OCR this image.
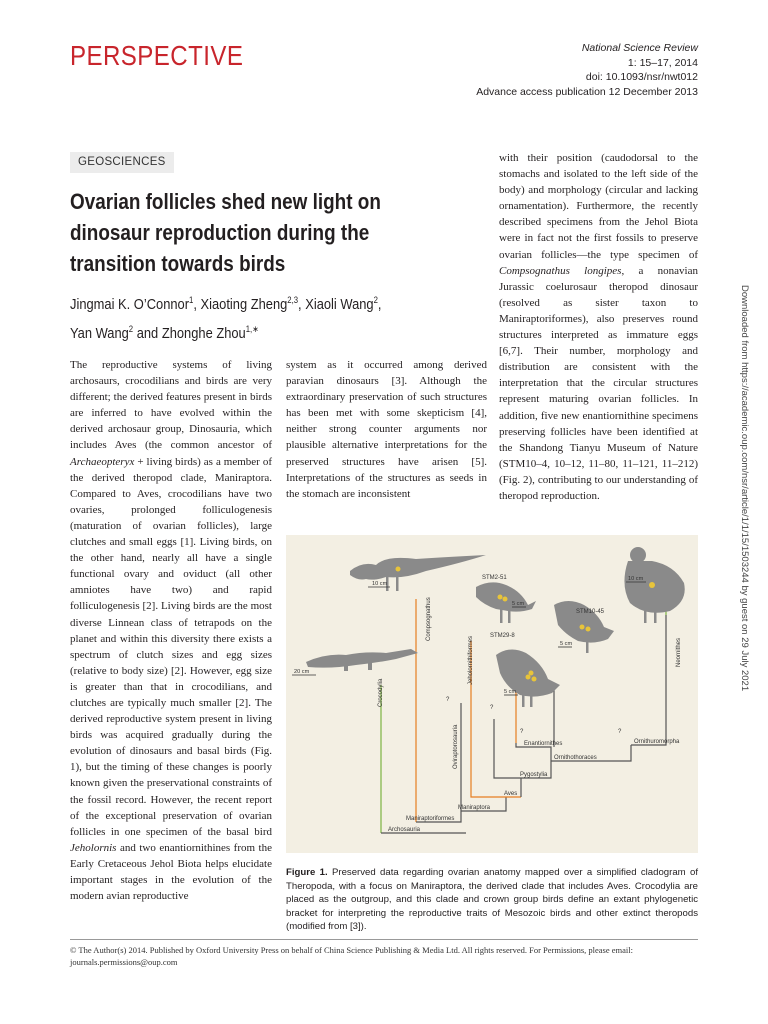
PERSPECTIVE	National Science Review
1: 15–17, 2014
doi: 10.1093/nsr/nwt012
Advance access publication 12 December 2013
GEOSCIENCES
Ovarian follicles shed new light on dinosaur reproduction during the transition towards birds
Jingmai K. O’Connor$^1$, Xiaoting Zheng$^{2,3}$, Xiaoli Wang$^2$,
Yan Wang$^2$ and Zhonghe Zhou$^{1,∗}$

The reproductive systems of living archosaurs, crocodilians and birds are very different; the derived features present in birds are inferred to have evolved within the derived archosaur group, Dinosauria, which includes Aves (the common ancestor of Archaeopteryx + living birds) as a member of the derived theropod clade, Maniraptora. Compared to Aves, crocodilians have two ovaries, prolonged folliculogenesis (maturation of ovarian follicles), large clutches and small eggs [1]. Living birds, on the other hand, nearly all have a single functional ovary and oviduct (all other amniotes have two) and rapid folliculogenesis [2]. Living birds are the most diverse Linnean class of tetrapods on the planet and within this diversity there exists a spectrum of clutch sizes and egg sizes (relative to body size) [2]. However, egg size is greater than that in crocodilians, and clutches are typically much smaller [2]. The derived reproductive system present in living birds was acquired gradually during the evolution of dinosaurs and basal birds (Fig. 1), but the timing of these changes is poorly known given the preservational constraints of the fossil record. However, the recent report of the exceptional preservation of ovarian follicles in one specimen of the basal bird Jeholornis and two enantiornithines from the Early Cretaceous Jehol Biota helps elucidate important stages in the evolution of the modern avian reproductive

system as it occurred among derived paravian dinosaurs [3]. Although the extraordinary preservation of such structures has been met with some skepticism [4], neither strong counter arguments nor plausible alternative interpretations for the preserved structures have arisen [5]. Interpretations of the structures as seeds in the stomach are inconsistent

with their position (caudodorsal to the stomachs and isolated to the left side of the body) and morphology (circular and lacking ornamentation). Furthermore, the recently described specimens from the Jehol Biota were in fact not the first fossils to preserve ovarian follicles—the type specimen of Compsognathus longipes, a nonavian Jurassic coelurosaur theropod dinosaur (resolved as sister taxon to Maniraptoriformes), also preserves round structures interpreted as immature eggs [6,7]. Their number, morphology and distribution are consistent with the interpretation that the circular structures represent maturing ovarian follicles. In addition, five new enantiornithine specimens preserving follicles have been identified at the Shandong Tianyu Museum of Nature (STM10–4, 10–12, 11–80, 11–121, 11–212) (Fig. 2), contributing to our understanding of theropod reproduction.

10 cm
5 cm
5 cm
10 cm
20 cm
5 cm
STM2-51
STM10-45
STM29-8
Crocodylia
Compsognathus
Oviraptorosauria
Jeholornithiformes	Neornithes
?
?
?	?
Archosauria
Maniraptoriformes
Maniraptora
Aves
Pygostylia
Ornithothoraces
Enantiornithes	Ornithuromorpha
Figure 1. Preserved data regarding ovarian anatomy mapped over a simplified cladogram of Theropoda, with a focus on Maniraptora, the derived clade that includes Aves. Crocodylia are placed as the outgroup, and this clade and crown group birds define an extant phylogenetic bracket for interpreting the reproductive traits of Mesozoic birds and other extinct theropods (modified from [3]).
© The Author(s) 2014. Published by Oxford University Press on behalf of China Science Publishing & Media Ltd. All rights reserved. For Permissions, please email: journals.permissions@oup.com
Downloaded from https://academic.oup.com/nsr/article/1/1/15/1503244 by guest on 29 July 2021
